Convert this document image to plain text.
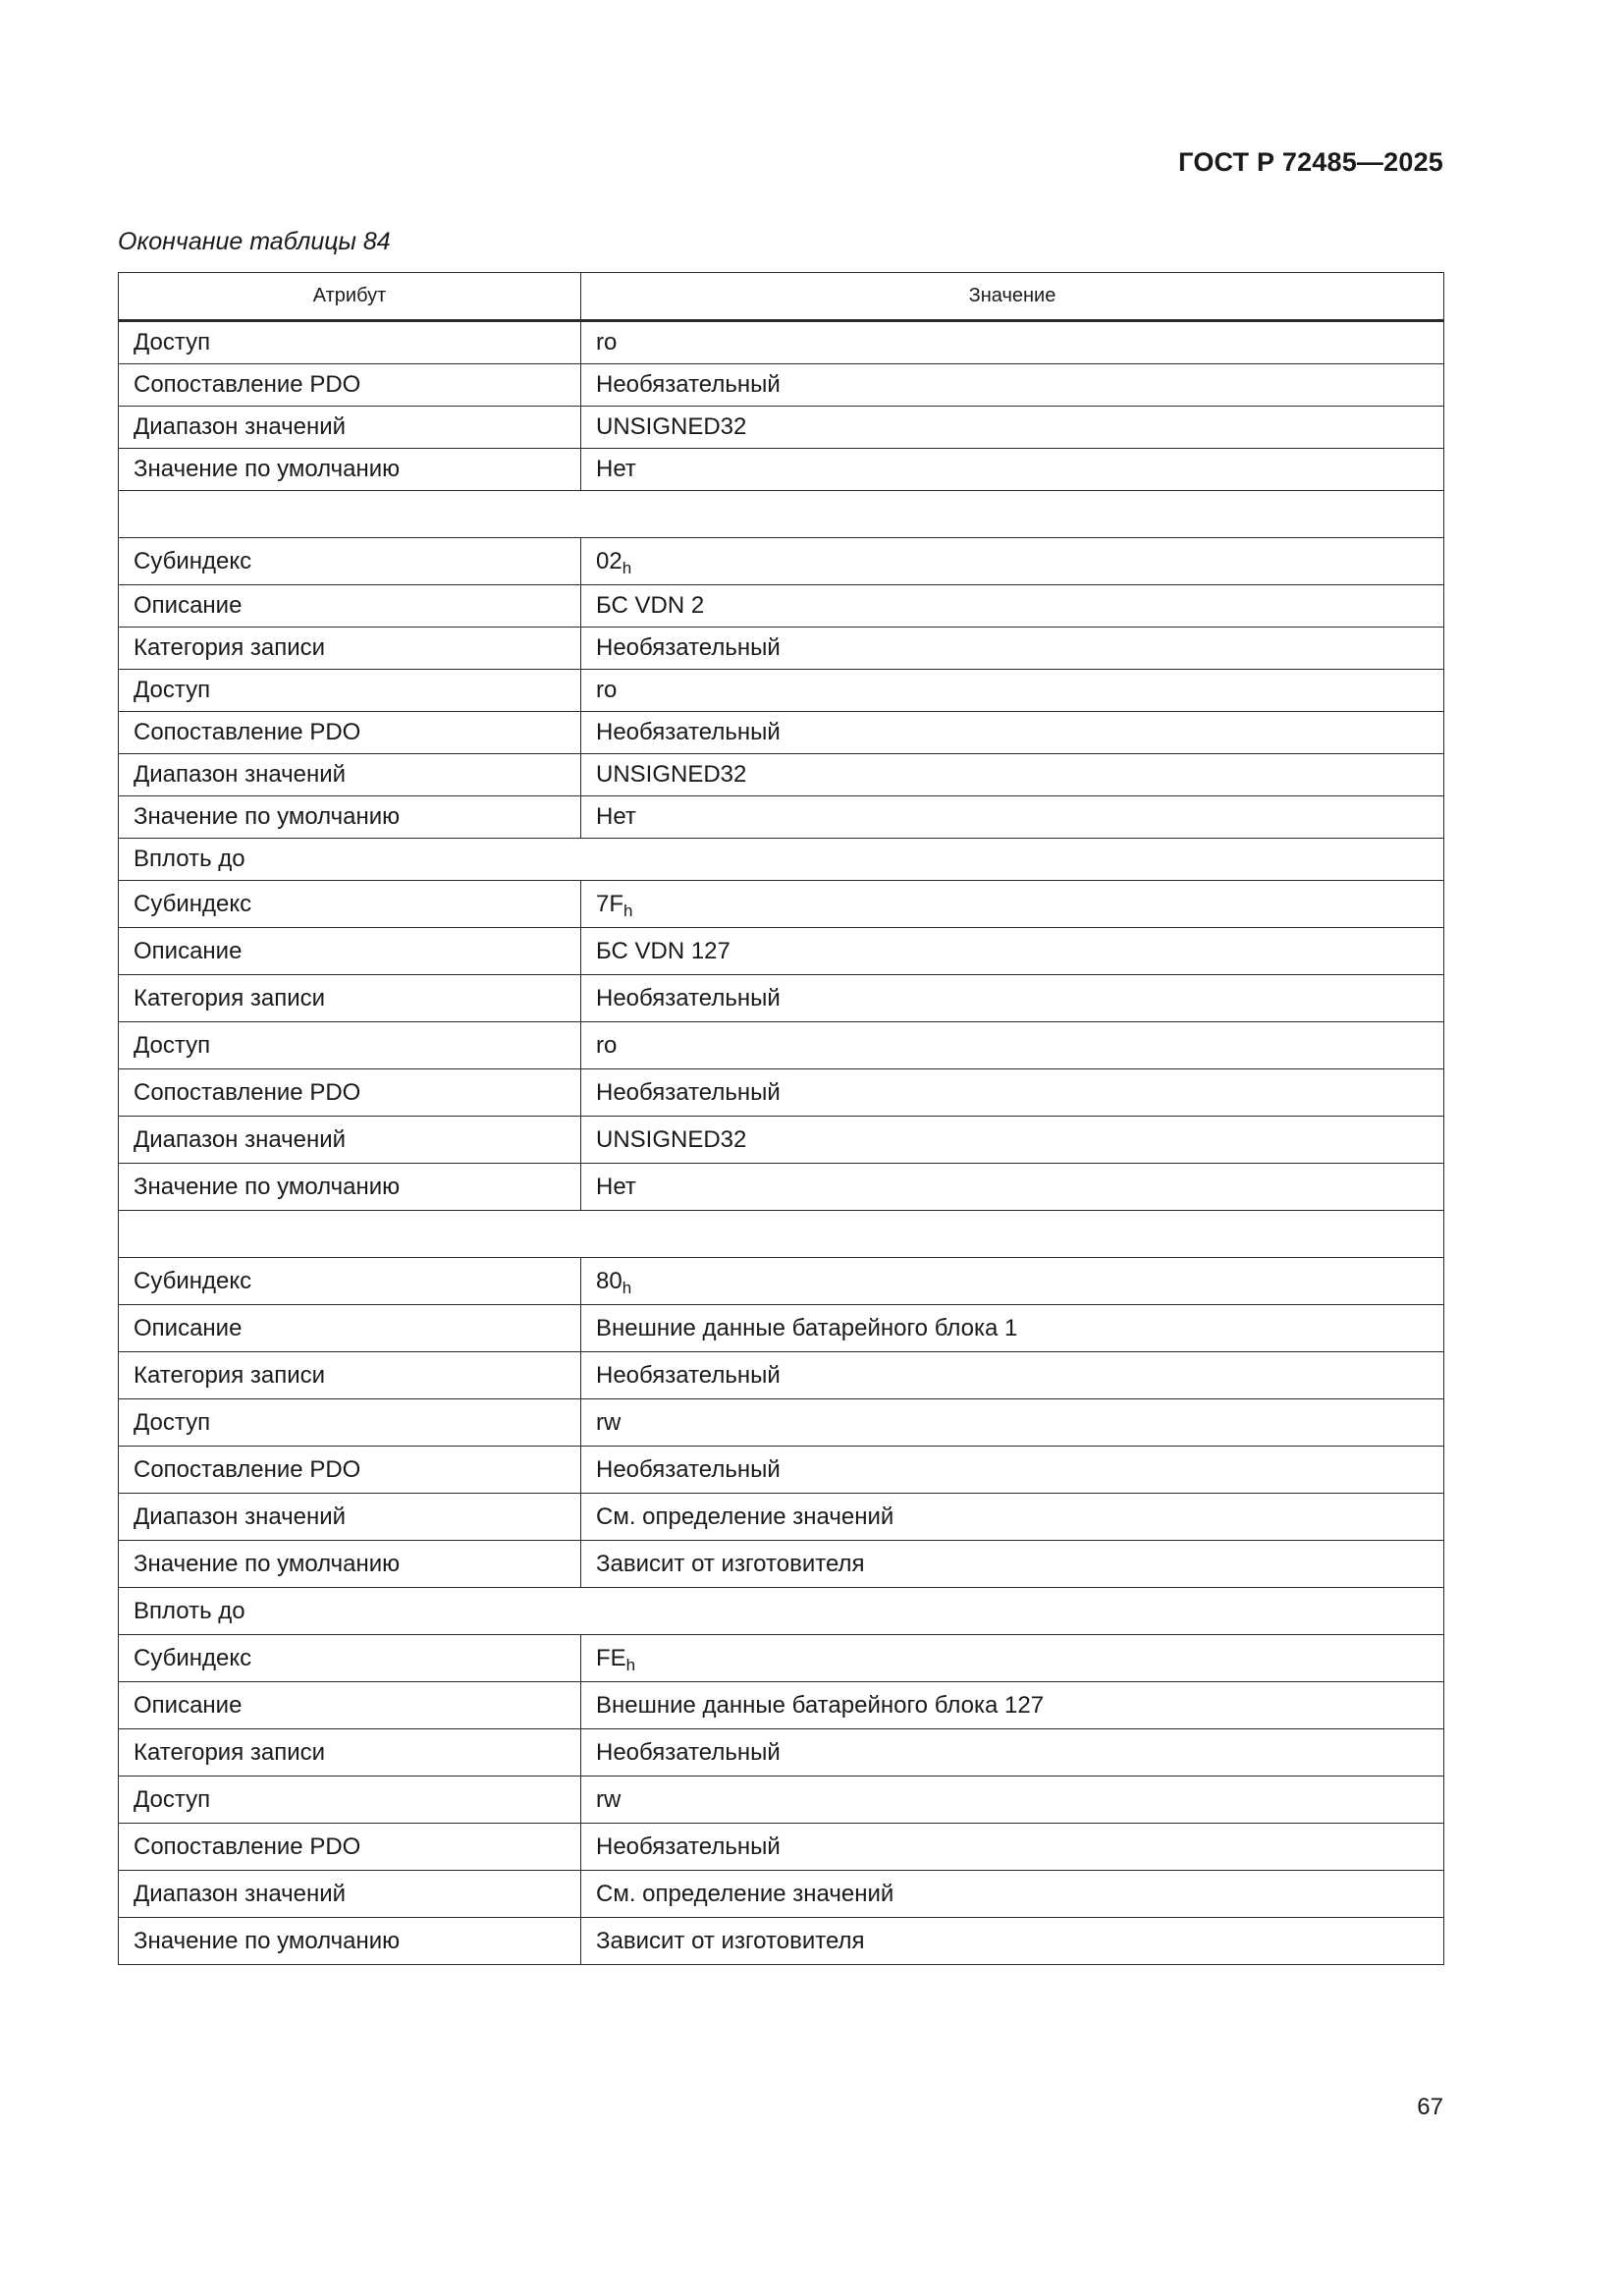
ГОСТ Р 72485—2025
Окончание таблицы 84
Атрибут	Значение
Доступ	ro
Сопоставление PDO	Необязательный
Диапазон значений	UNSIGNED32
Значение по умолчанию	Нет

Субиндекс	$02_h$
Описание	БС VDN 2
Категория записи	Необязательный
Доступ	ro
Сопоставление PDO	Необязательный
Диапазон значений	UNSIGNED32
Значение по умолчанию	Нет
Вплоть до	
Субиндекс	$7F_h$
Описание	БС VDN 127
Категория записи	Необязательный
Доступ	ro
Сопоставление PDO	Необязательный
Диапазон значений	UNSIGNED32
Значение по умолчанию	Нет

Субиндекс	$80_h$
Описание	Внешние данные батарейного блока 1
Категория записи	Необязательный
Доступ	rw
Сопоставление PDO	Необязательный
Диапазон значений	См. определение значений
Значение по умолчанию	Зависит от изготовителя
Вплоть до	
Субиндекс	$FE_h$
Описание	Внешние данные батарейного блока 127
Категория записи	Необязательный
Доступ	rw
Сопоставление PDO	Необязательный
Диапазон значений	См. определение значений
Значение по умолчанию	Зависит от изготовителя
67
